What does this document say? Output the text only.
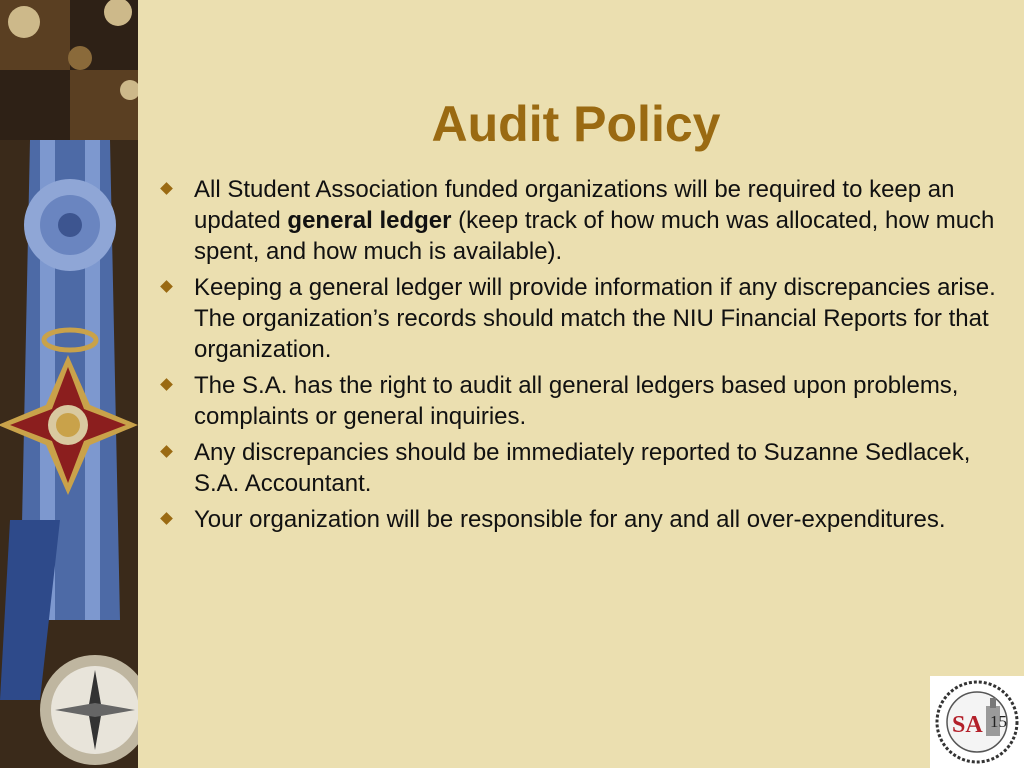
Audit Policy
All Student Association funded organizations will be required to keep an updated general ledger (keep track of how much was allocated, how much spent, and how much is available).
Keeping a general ledger will provide information if any discrepancies arise. The organization’s records should match the NIU Financial Reports for that organization.
The S.A. has the right to audit all general ledgers based upon problems, complaints or general inquiries.
Any discrepancies should be immediately reported to Suzanne Sedlacek, S.A. Accountant.
Your organization will be responsible for any and all over-expenditures.
SA 15
